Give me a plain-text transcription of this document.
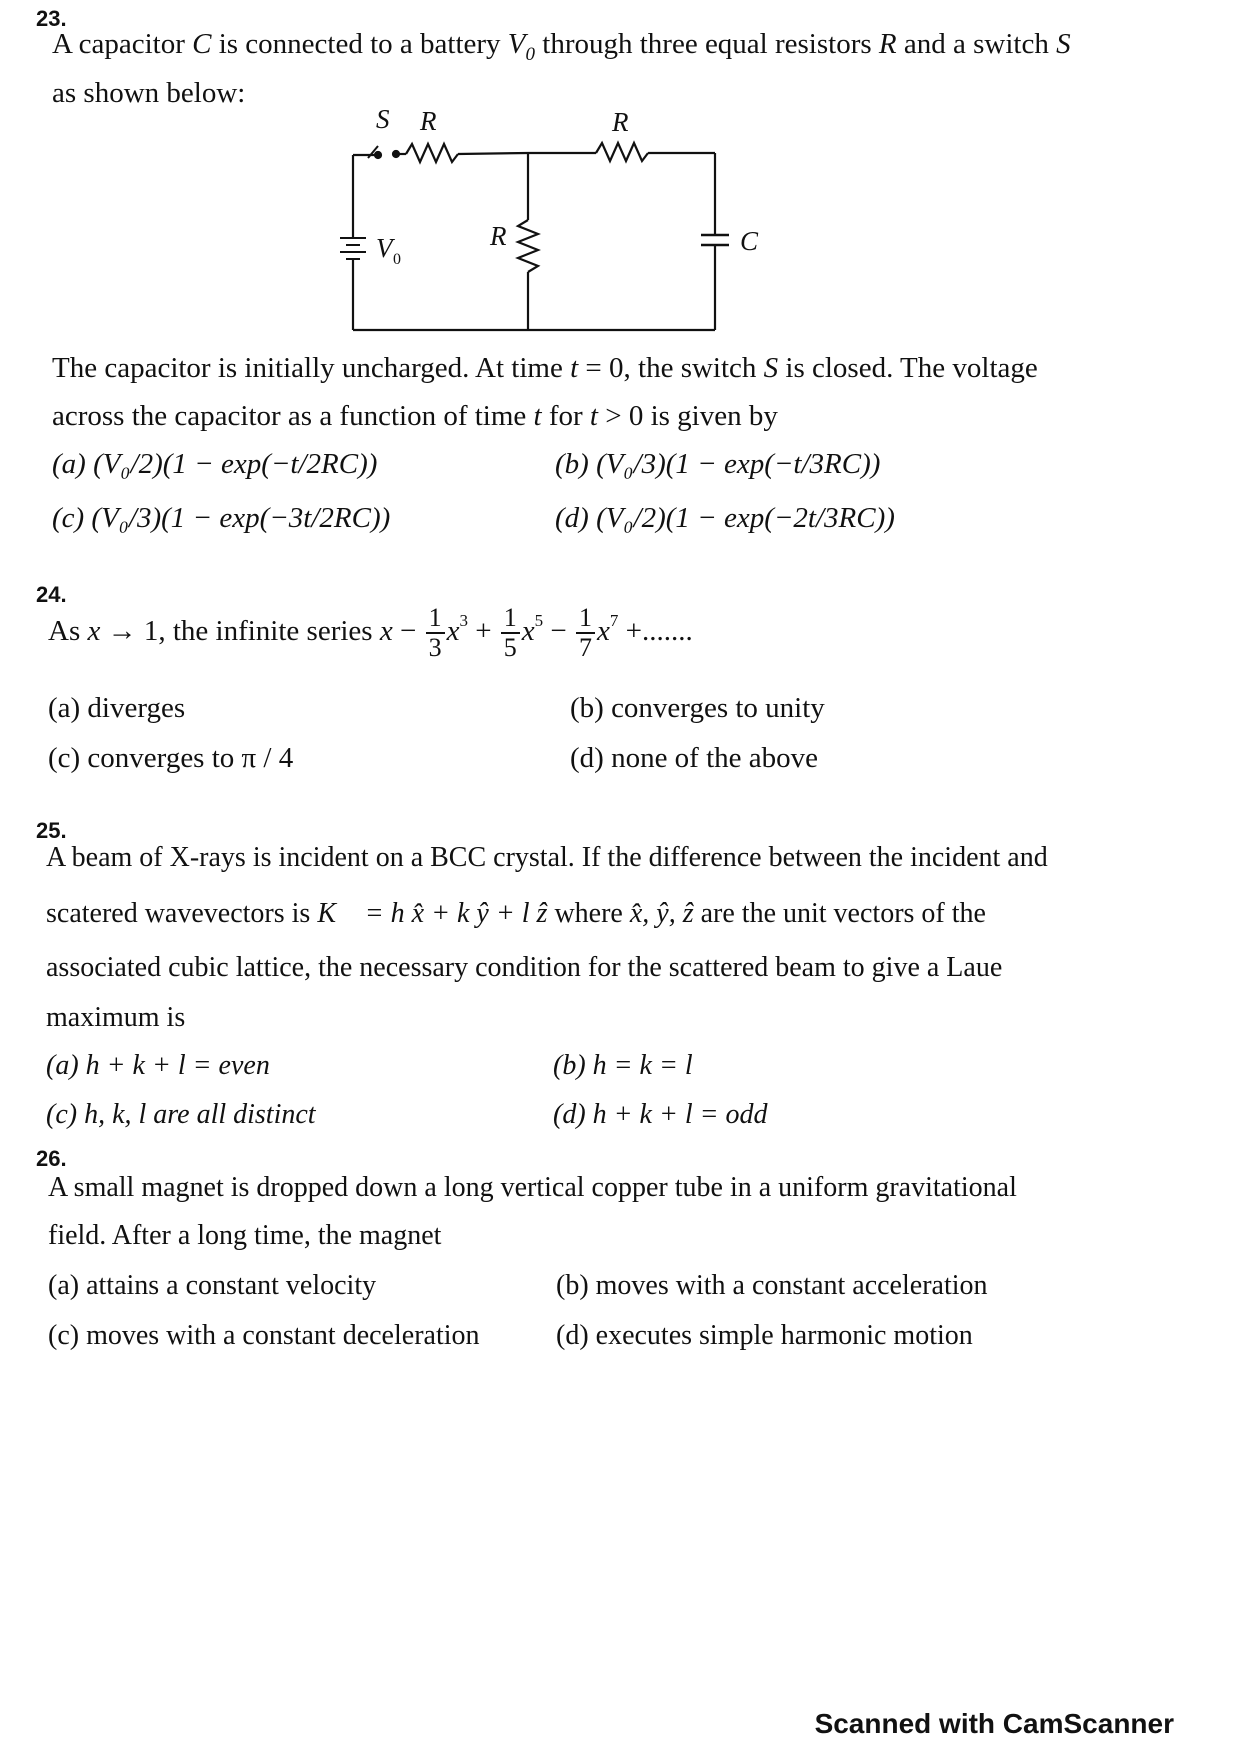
23.
A capacitor C is connected to a battery $V_0$ through three equal resistors R and a switch S
as shown below:
S R	R
R	C
V 0
The capacitor is initially uncharged. At time t = 0, the switch S is closed. The voltage
across the capacitor as a function of time t for t > 0 is given by
(a) (V₀/2)(1 − exp(−t/2RC))	(b) (V₀/3)(1 − exp(−t/3RC))
(c) (V₀/3)(1 − exp(−3t/2RC))	(d) (V₀/2)(1 − exp(−2t/3RC))
24.
As x → 1, the infinite series $x - \frac{1}{3} x^3 + \frac{1}{5} x^5 - \frac{1}{7} x^7$ +.......
(a) diverges	(b) converges to unity
(c) converges to π / 4	(d) none of the above
25.
A beam of X-rays is incident on a BCC crystal. If the difference between the incident and
scatered wavevectors is K⃗ = h x̂ + k ŷ + l ẑ where x̂, ŷ, ẑ are the unit vectors of the
associated cubic lattice, the necessary condition for the scattered beam to give a Laue
maximum is
(a) h + k + l = even	(b) h = k = l
(c) h, k, l are all distinct	(d) h + k + l = odd
26.
A small magnet is dropped down a long vertical copper tube in a uniform gravitational
field. After a long time, the magnet
(a) attains a constant velocity	(b) moves with a constant acceleration
(c) moves with a constant deceleration	(d) executes simple harmonic motion
Scanned with CamScanner
